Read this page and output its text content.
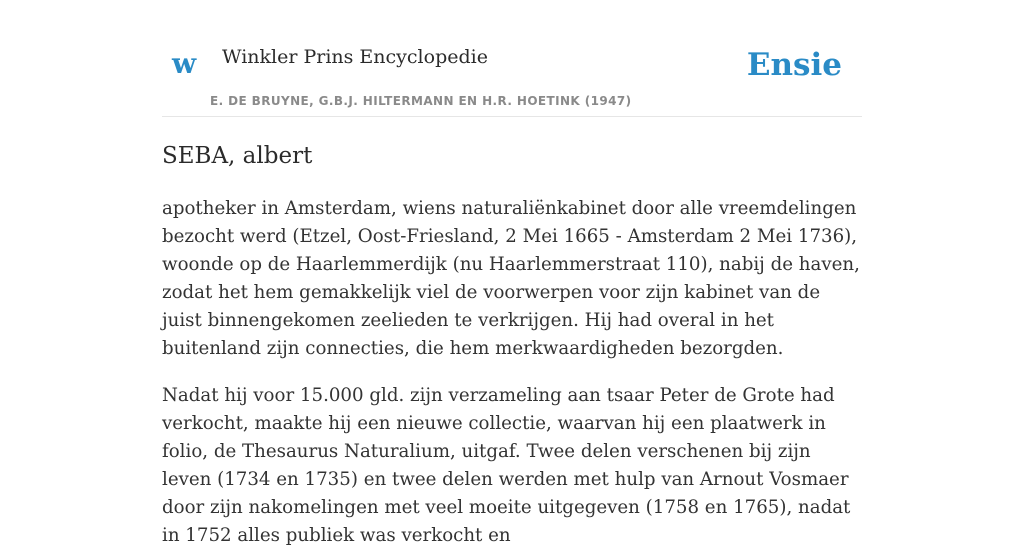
w Winkler Prins Encyclopedie
E. DE BRUYNE, G.B.J. HILTERMANN EN H.R. HOETINK (1947)
Ensie
SEBA, albert

apotheker in Amsterdam, wiens naturaliënkabinet door alle vreemdelingen bezocht werd (Etzel, Oost-Friesland, 2 Mei 1665 - Amsterdam 2 Mei 1736), woonde op de Haarlemmerdijk (nu Haarlemmerstraat 110), nabij de haven, zodat het hem gemakkelijk viel de voorwerpen voor zijn kabinet van de juist binnengekomen zeelieden te verkrijgen. Hij had overal in het buitenland zijn connecties, die hem merkwaardigheden bezorgden.

Nadat hij voor 15.000 gld. zijn verzameling aan tsaar Peter de Grote had verkocht, maakte hij een nieuwe collectie, waarvan hij een plaatwerk in folio, de Thesaurus Naturalium, uitgaf. Twee delen verschenen bij zijn leven (1734 en 1735) en twee delen werden met hulp van Arnout Vosmaer door zijn nakomelingen met veel moeite uitgegeven (1758 en 1765), nadat in 1752 alles publiek was verkocht en
